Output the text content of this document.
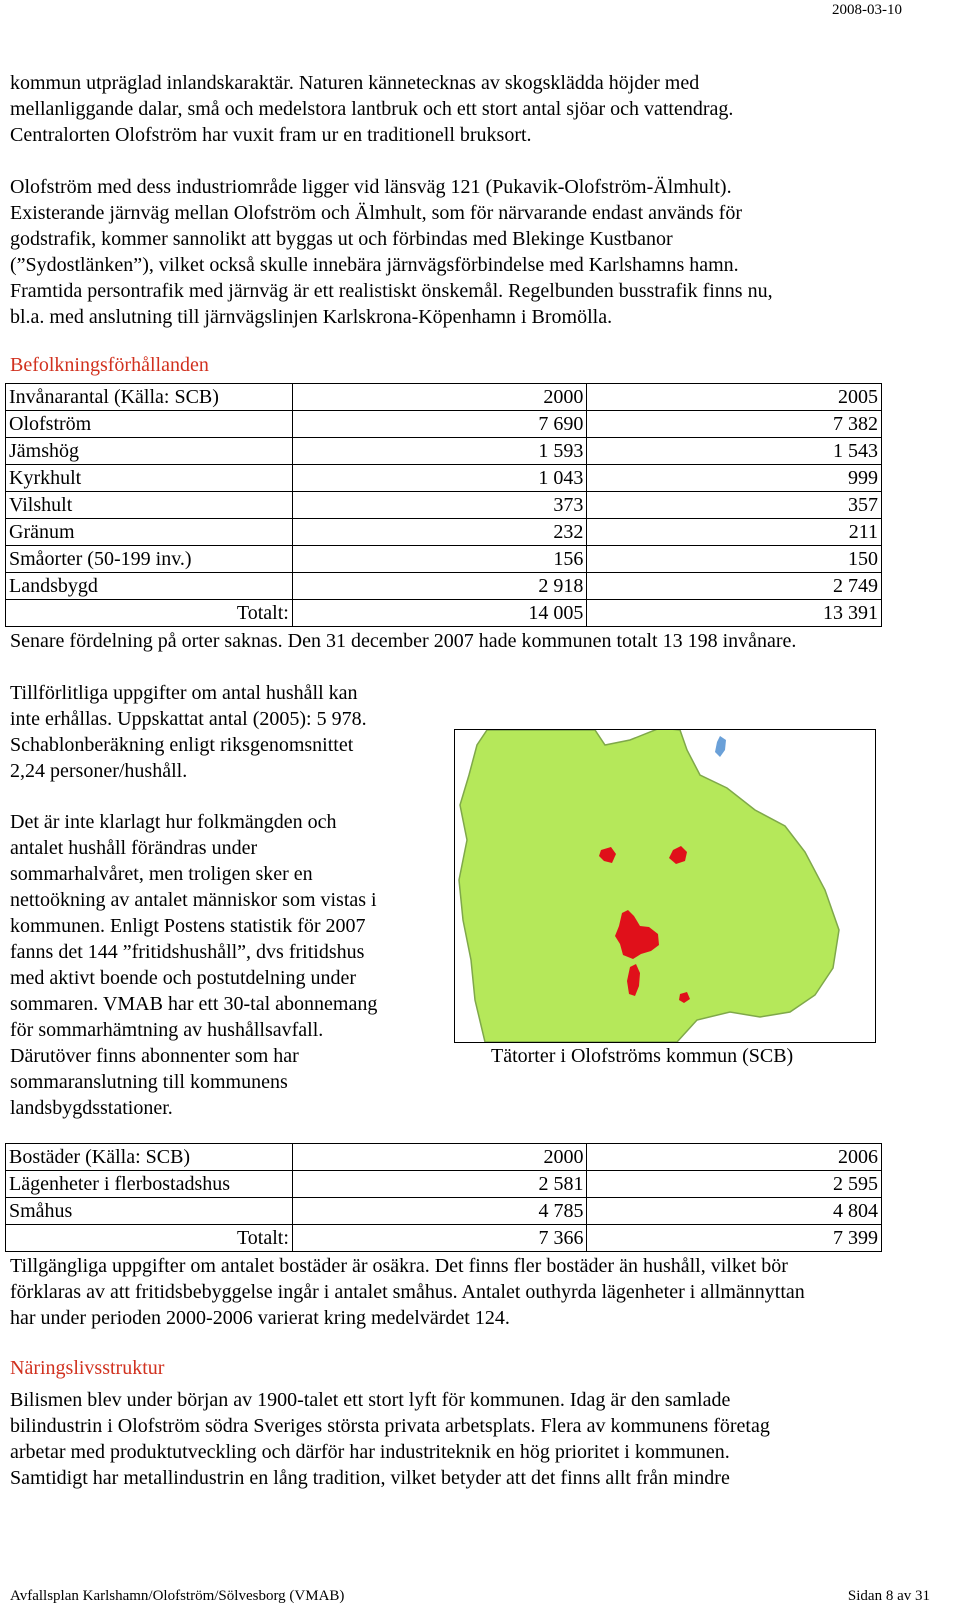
2008-03-10
kommun utpräglad inlandskaraktär. Naturen kännetecknas av skogsklädda höjder med
mellanliggande dalar, små och medelstora lantbruk och ett stort antal sjöar och vattendrag.
Centralorten Olofström har vuxit fram ur en traditionell bruksort.
Olofström med dess industriområde ligger vid länsväg 121 (Pukavik-Olofström-Älmhult).
Existerande järnväg mellan Olofström och Älmhult, som för närvarande endast används för
godstrafik, kommer sannolikt att byggas ut och förbindas med Blekinge Kustbanor
(”Sydostlänken”), vilket också skulle innebära järnvägsförbindelse med Karlshamns hamn.
Framtida persontrafik med järnväg är ett realistiskt önskemål. Regelbunden busstrafik finns nu,
bl.a. med anslutning till järnvägslinjen Karlskrona-Köpenhamn i Bromölla.
Befolkningsförhållanden
Invånarantal (Källa: SCB)	2000	2005
Olofström	7 690	7 382
Jämshög	1 593	1 543
Kyrkhult	1 043	999
Vilshult	373	357
Gränum	232	211
Småorter (50-199 inv.)	156	150
Landsbygd	2 918	2 749
Totalt:	14 005	13 391
Senare fördelning på orter saknas. Den 31 december 2007 hade kommunen totalt 13 198 invånare.
Tillförlitliga uppgifter om antal hushåll kan
inte erhållas. Uppskattat antal (2005): 5 978.
Schablonberäkning enligt riksgenomsnittet
2,24 personer/hushåll.
Det är inte klarlagt hur folkmängden och
antalet hushåll förändras under
sommarhalvåret, men troligen sker en
nettoökning av antalet människor som vistas i
kommunen. Enligt Postens statistik för 2007
fanns det 144 ”fritidshushåll”, dvs fritidshus
med aktivt boende och postutdelning under
sommaren. VMAB har ett 30-tal abonnemang
för sommarhämtning av hushållsavfall.
Därutöver finns abonnenter som har
sommaranslutning till kommunens
landsbygdsstationer.
Tätorter i Olofströms kommun (SCB)
Bostäder (Källa: SCB)	2000	2006
Lägenheter i flerbostadshus	2 581	2 595
Småhus	4 785	4 804
Totalt:	7 366	7 399
Tillgängliga uppgifter om antalet bostäder är osäkra. Det finns fler bostäder än hushåll, vilket bör
förklaras av att fritidsbebyggelse ingår i antalet småhus. Antalet outhyrda lägenheter i allmännyttan
har under perioden 2000-2006 varierat kring medelvärdet 124.
Näringslivsstruktur
Bilismen blev under början av 1900-talet ett stort lyft för kommunen. Idag är den samlade
bilindustrin i Olofström södra Sveriges största privata arbetsplats. Flera av kommunens företag
arbetar med produktutveckling och därför har industriteknik en hög prioritet i kommunen.
Samtidigt har metallindustrin en lång tradition, vilket betyder att det finns allt från mindre
Avfallsplan Karlshamn/Olofström/Sölvesborg (VMAB)	Sidan 8 av 31
